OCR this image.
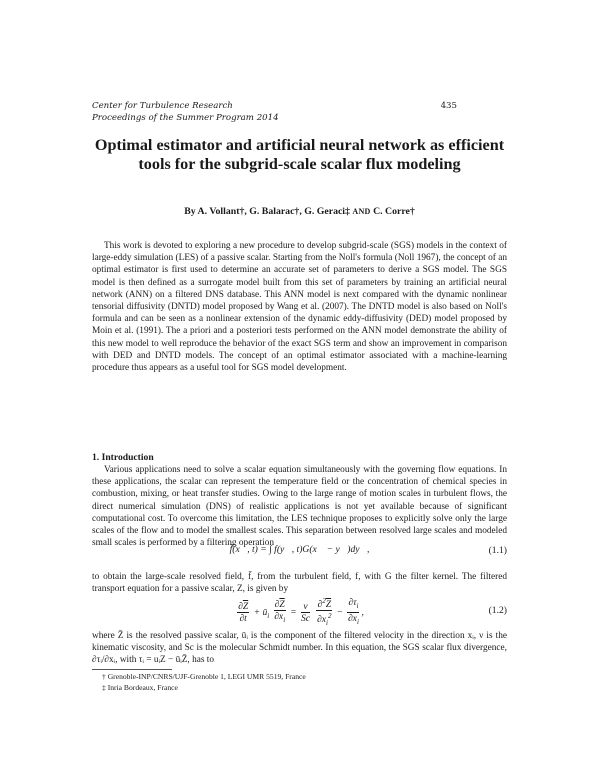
Center for Turbulence Research
Proceedings of the Summer Program 2014
435
Optimal estimator and artificial neural network as efficient tools for the subgrid-scale scalar flux modeling
By A. Vollant†, G. Balarac†, G. Geraci‡ AND C. Corre†

This work is devoted to exploring a new procedure to develop subgrid-scale (SGS) models in the context of large-eddy simulation (LES) of a passive scalar. Starting from the Noll's formula (Noll 1967), the concept of an optimal estimator is first used to determine an accurate set of parameters to derive a SGS model. The SGS model is then defined as a surrogate model built from this set of parameters by training an artificial neural network (ANN) on a filtered DNS database. This ANN model is next compared with the dynamic nonlinear tensorial diffusivity (DNTD) model proposed by Wang et al. (2007). The DNTD model is also based on Noll's formula and can be seen as a nonlinear extension of the dynamic eddy-diffusivity (DED) model proposed by Moin et al. (1991). The a priori and a posteriori tests performed on the ANN model demonstrate the ability of this new model to well reproduce the behavior of the exact SGS term and show an improvement in comparison with DED and DNTD models. The concept of an optimal estimator associated with a machine-learning procedure thus appears as a useful tool for SGS model development.

1. Introduction

Various applications need to solve a scalar equation simultaneously with the governing flow equations. In these applications, the scalar can represent the temperature field or the concentration of chemical species in combustion, mixing, or heat transfer studies. Owing to the large range of motion scales in turbulent flows, the direct numerical simulation (DNS) of realistic applications is not yet available because of significant computational cost. To overcome this limitation, the LES technique proposes to explicitly solve only the large scales of the flow and to model the smallest scales. This separation between resolved large scales and modeled small scales is performed by a filtering operation

f̄(x⃗, t) = ∫ f(y⃗, t)G(x⃗ − y⃗)dy⃗,	(1.1)
to obtain the large-scale resolved field, f̄, from the turbulent field, f, with G the filter kernel. The filtered transport equation for a passive scalar, Z, is given by
$\frac{\partial\overline{Z}}{\partial t}$ + $ū_i \frac{\partial\overline{Z}}{\partial x_i} = \frac{\nu}{Sc}$
$\frac{\partial^2\overline{Z}}{\partial x_i^2} - \frac{\partial\tau_i}{\partial x_i}$ ,	(1.2)
where Z̄ is the resolved passive scalar, ūᵢ is the component of the filtered velocity in the direction xᵢ, ν is the kinematic viscosity, and Sc is the molecular Schmidt number. In this equation, the SGS scalar flux divergence, ∂τᵢ/∂xᵢ, with τᵢ = uᵢZ − ūᵢZ̄, has to
† Grenoble-INP/CNRS/UJF-Grenoble 1, LEGI UMR 5519, France
‡ Inria Bordeaux, France
